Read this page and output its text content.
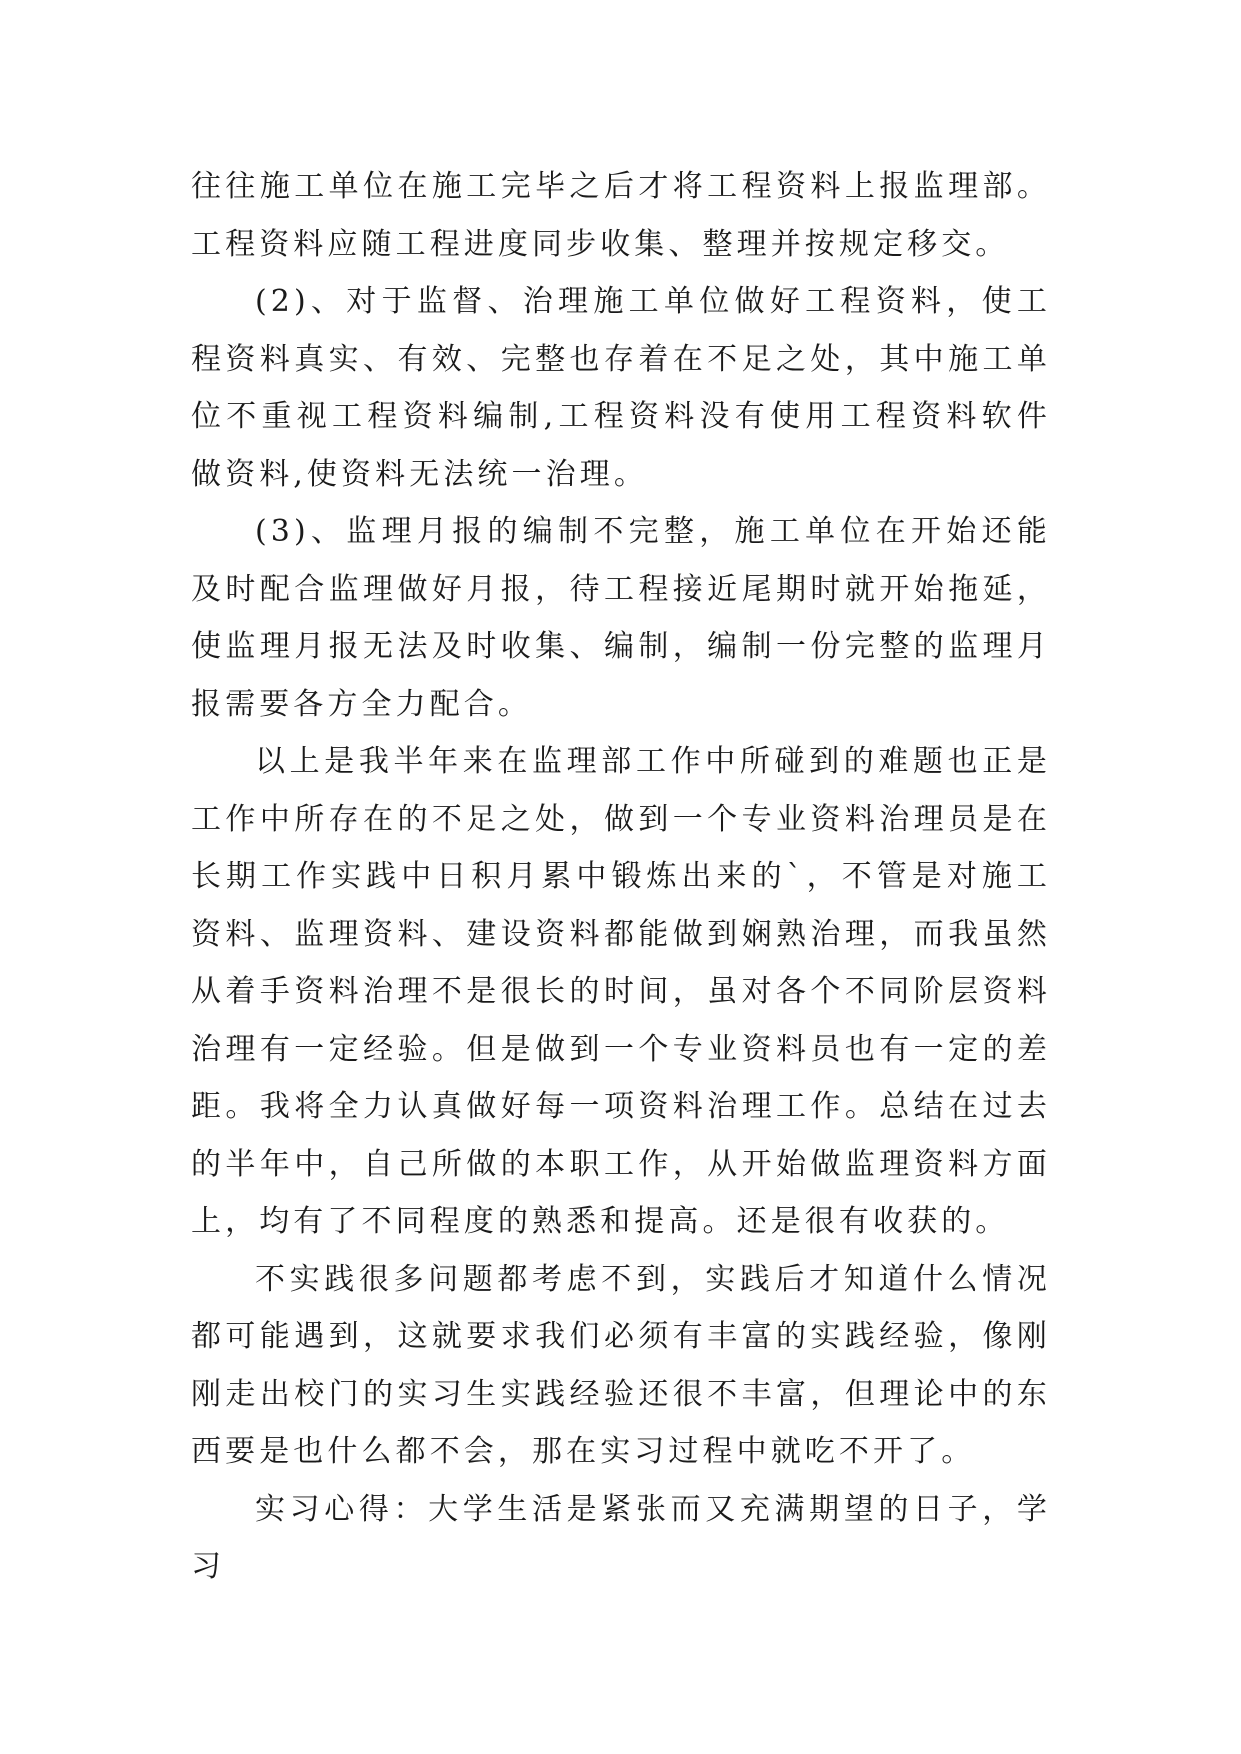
往往施工单位在施工完毕之后才将工程资料上报监理部。工程资料应随工程进度同步收集、整理并按规定移交。

(2)、对于监督、治理施工单位做好工程资料，使工程资料真实、有效、完整也存着在不足之处，其中施工单位不重视工程资料编制,工程资料没有使用工程资料软件做资料,使资料无法统一治理。

(3)、监理月报的编制不完整，施工单位在开始还能及时配合监理做好月报，待工程接近尾期时就开始拖延，使监理月报无法及时收集、编制，编制一份完整的监理月报需要各方全力配合。

以上是我半年来在监理部工作中所碰到的难题也正是工作中所存在的不足之处，做到一个专业资料治理员是在长期工作实践中日积月累中锻炼出来的`，不管是对施工资料、监理资料、建设资料都能做到娴熟治理，而我虽然从着手资料治理不是很长的时间，虽对各个不同阶层资料治理有一定经验。但是做到一个专业资料员也有一定的差距。我将全力认真做好每一项资料治理工作。总结在过去的半年中，自己所做的本职工作，从开始做监理资料方面上，均有了不同程度的熟悉和提高。还是很有收获的。

不实践很多问题都考虑不到，实践后才知道什么情况都可能遇到，这就要求我们必须有丰富的实践经验，像刚刚走出校门的实习生实践经验还很不丰富，但理论中的东西要是也什么都不会，那在实习过程中就吃不开了。

实习心得：大学生活是紧张而又充满期望的日子，学习
